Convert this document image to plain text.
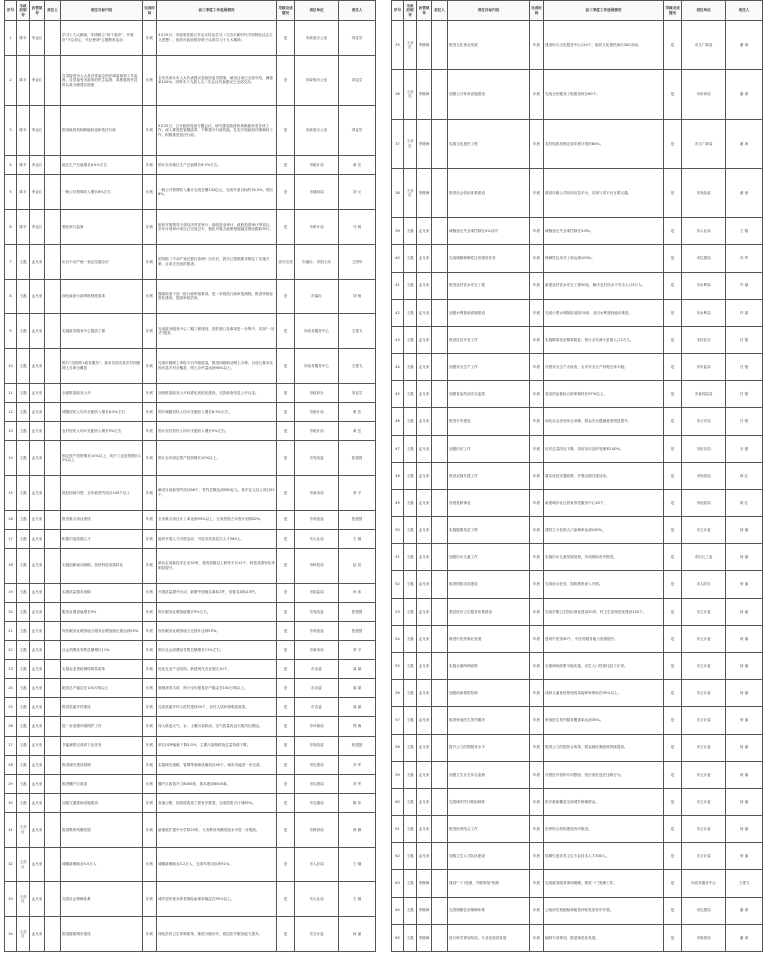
序号	市政府领导	协管领导	责任人	责任目标内容	完成时间	前三季度工作进展情况	考核完成情况	责任单位	责任人
1	陈平	李金江		学习十九大精神，牢固树立"四个意识"，开展好"不忘初心、牢记使命"主题教育活动	年底	3月25日，市政府党组召开会议传达学习《习近平新时代中国特色社会主义思想》，组织市政府领导班子认真学习十九大精神。	是	市政府办公室	刘克学
2	陈平	李金江		自觉接受市人大及其常委会的法律监督和工作监督，自觉接受市政协的民主监督，高度重视并及时认真办理建议提案	年底	全市共承办市人大代表建议及政协委员提案，截至目前已全部办结，满意率100%。同时市十九届人大二次会议代表建议已全部交办。	是	市政府办公室	刘克学
3	陈平	李金江		推进政府机构职能转变和依法行政	年底	5月25日，召开政府党组专题会议，研究推进政府机构职能转变各项工作，深入推进放管服改革，不断提升行政效能。扎实开展政府法律顾问工作，积极推进依法行政。	是	市政府办公室	刘克学
4	陈平	李金江		地区生产总值增长6.5%左右	年底	预计全市地区生产总值增长6.5%左右。	是	市统计局	黄 岳
5	陈平	李金江		一般公共预算收入增长6%左右	年底	一般公共预算收入累计完成总额102亿元，完成年度目标的76.5%，增长6%。	是	市财政局	刘 元
6	陈平	李金江		强化审计监督	年底	组织开展领导干部经济责任审计、财政资金审计、政府投资审计等项目，全年计划审计项目已完成过半，强化对重大政策措施落实情况跟踪审计。	是	市审计局	马 明
7	王磊	孟凡来		出台不动产统一登记实施办法	年底	国务院《不动产登记暂行条例》出台后，我市已按照要求制定了实施方案，目前正在组织推进。	部分完成	市编办、市国土局	王国华
8	王磊	孟凡来		深化政府行政审批制度改革	年底	继续取消下放一批行政审批事项，进一步规范行政审批流程，推进审批标准化建设，提高审批效率。	是	市编办	刘 杨
9	王磊	孟凡来		实施政务服务中心提质工程	年底	完成政务服务中心二期工程建设，进驻窗口及事项进一步集中，实现"一站式"服务。	是	市政务服务中心	王建飞
10	王磊	孟凡来		推行"互联网+政务服务"，基本实现市县乡村四级网上办事全覆盖	年底	完成市级网上审批平台升级改造，推进四级联动网上办事，目前已基本实现市县乡村全覆盖，网上办件量达到90%以上。	是	市政务服务中心	王建飞
11	王磊	孟凡来		全面推进政务公开	年底	加快推进政务公开标准化规范化建设，完善政府信息公开目录。	是	市政府办	刘克学
12	王磊	孟凡来		城镇居民人均可支配收入增长8.5%左右	年底	预计城镇居民人均可支配收入增长8.5%左右。	是	市统计局	黄 岳
13	王磊	孟凡来		农村居民人均可支配收入增长9%左右	年底	预计农村居民人均可支配收入增长9%左右。	是	市统计局	黄 岳
14	王磊	孟凡来		固定资产投资增长10%以上，其中工业投资增长12%以上	年底	预计全年固定资产投资增长10%以上。	是	市发改委	张建国
15	王磊	孟凡来		抓好招商引资，全年新签约项目100个以上	年底	截至目前新签约项目86个，签约总额达到350亿元，其中亿元以上项目52个。	是	市商务局	李 平
16	王磊	孟凡来		推进重点项目建设	年底	全市重点项目开工率达到95%以上，完成投资占年度计划的82%。	是	市发改委	张建国
17	王磊	孟凡来		积极引进高端人才	年底	组织开展人才引进活动，引进各类高层次人才560人。	是	市人社局	王 刚
18	王磊	孟凡来		实施创新驱动战略，加快科技成果转化	年底	新认定高新技术企业32家，建成省级以上研发平台12个，科技成果转化率明显提升。	是	市科技局	赵 亮
19	王磊	孟凡来		实施质量强市战略	年底	开展质量提升行动，新增中国驰名商标2件，省著名商标15件。	是	市质监局	孙 伟
20	王磊	孟凡来		服务业增加值增长9%	年底	预计服务业增加值增长9%左右。	是	市发改委	张建国
21	王磊	孟凡来		现代服务业增加值占服务业增加值比重达到55%	年底	现代服务业增加值占比预计达到55%。	是	市发改委	张建国
22	王磊	孟凡来		社会消费品零售总额增长11%	年底	预计社会消费品零售总额增长11%左右。	是	市商务局	李 平
23	王磊	孟凡来		实施农业供给侧结构性改革	年底	优化农业产业结构，新建现代农业园区10个。	是	市农委	周 斌
24	王磊	孟凡来		粮食总产稳定在100万吨以上	年底	夏粮获得丰收，预计全年粮食总产稳定在100万吨以上。	是	市农委	周 斌
25	王磊	孟凡来		推进美丽乡村建设	年底	完成美丽乡村示范村建设50个，农村人居环境明显改善。	是	市农委	周 斌
26	王磊	孟凡来		进一步加强环境保护工作	年底	深入推进大气、水、土壤污染防治，空气质量优良天数同比增加。	是	市环保局	郑 海
27	王磊	孟凡来		节能减排完成省下达任务	年底	单位GDP能耗下降3.5%，主要污染物排放总量持续下降。	是	市发改委	张建国
28	王磊	孟凡来		推进城市建设管理	年底	实施城市道路、管网等基础设施项目40个，城市功能进一步完善。	是	市住建局	冯 军
29	王磊	孟凡来		推进棚户区改造	年底	棚户区改造开工8000套，基本建成6000套。	是	市住建局	冯 军
30	王磊	孟凡来		加强交通基础设施建设	年底	高速公路、国省道改造工程有序推进，完成投资占计划85%。	是	市交通局	陈 东
31	王彦红	孟凡来		推进教育均衡发展	年底	新建改扩建中小学校20所，义务教育均衡发展水平进一步提高。	是	市教育局	徐 静
32	王彦红	孟凡来		城镇新增就业3.5万人	年底	城镇新增就业3.2万人，完成年度目标的91%。	是	市人社局	王 刚
33	王彦红	孟凡来		完善社会保障体系	年底	城乡居民基本养老保险参保率稳定在95%以上。	是	市人社局	王 刚
34	王彦红	孟凡来		推进健康城市建设	年底	深化医药卫生体制改革，推进分级诊疗，基层医疗服务能力提升。	是	市卫计委	何 丽
序号	市政府领导	协管领导	责任人	责任目标内容	完成时间	前三季度工作进展情况	考核完成情况	责任单位	责任人
35	王彦红	李继海		推进文化事业发展	年底	建成综合文化服务中心120个，组织文化惠民演出300余场。	是	市文广新局	谢 涛
36	王彦红	李继海		加强公共体育设施建设	年底	完成全民健身工程建设项目60个。	是	市体育局	谢 涛
37	王彦红	李继海		实施文化惠民工程	年底	农村电影放映完成年度计划的80%。	是	市文广新局	谢 涛
38	王彦红	李继海		推进社会信用体系建设	年底	建成市级公共信用信息平台，实现与省平台互联互通。	是	市发改委	谢 涛
39	王磊	孟凡来		城镇登记失业率控制在4%以内	年底	城镇登记失业率控制在3.8%。	是	市人社局	王 刚
40	王磊	孟凡来		完成城镇保障性住房建设任务	年底	保障性住房开工率达到100%。	是	市住建局	冯 军
41	王磊	孟凡来		推进农村饮水安全工程	年底	新建农村饮水安全工程30处，解决农村饮水不安全人口5万人。	是	市水利局	许 斌
42	王磊	孟凡来		加强水利基础设施建设	年底	完成小型水库除险加固15座，农田水利建设稳步推进。	是	市水利局	许 斌
43	王磊	孟凡来		推进扶贫开发工作	年底	实施精准扶贫精准脱贫，预计全年减少贫困人口2万人。	是	市扶贫办	吕 强
44	王磊	孟凡来		加强安全生产工作	年底	开展安全生产大检查，全市安全生产形势总体平稳。	是	市安监局	吕 强
45	王磊	孟凡来		加强食品药品安全监管	年底	食品药品抽检合格率保持在97%以上。	是	市食药监局	吕 强
46	王磊	孟凡来		推进平安建设	年底	深化社会治安综合治理，群众安全感满意度明显提升。	是	市公安局	吕 强
47	王磊	孟凡来		加强信访工作	年底	信访总量同比下降，初信初访及时受理率100%。	是	市信访局	吕 强
48	王磊	孟凡来		推进双拥共建工作	年底	落实优抚安置政策，开展双拥共建活动。	是	市民政局	蒋 红
49	王磊	孟凡来		发展老龄事业	年底	新建城乡社区居家养老服务中心30个。	是	市民政局	蒋 红
50	王磊	孟凡来		实施健康扶贫工程	年底	建档立卡贫困人口参保率达到100%。	是	市卫计委	何 丽
51	王磊	孟凡来		加强妇女儿童工作	年底	实施妇女儿童发展规划，各项指标有序推进。	是	市妇儿工委	何 丽
52	王磊	孟凡来		推进国防动员建设	年底	完成征兵任务，国防教育深入开展。	是	市人防办	何 丽
53	王磊	孟凡来		基层医疗卫生服务体系建设	年底	完成乡镇卫生院标准化建设20所，村卫生室规范化建设150个。	是	市卫计委	何 丽
54	王磊	孟凡来		推进中医药事业发展	年底	建成中医馆30个，中医药服务能力显著提升。	是	市卫计委	何 丽
55	王磊	孟凡来		实施全面两孩政策	年底	全面两孩政策平稳实施，出生人口性别比趋于正常。	是	市卫计委	何 丽
56	王磊	孟凡来		加强疾病预防控制	年底	适龄儿童免疫规划疫苗接种率保持在95%以上。	是	市卫计委	何 丽
57	王磊	孟凡来		推进家庭医生签约服务	年底	家庭医生签约服务覆盖率达到35%。	是	市卫计委	何 丽
58	王磊	孟凡来		提升公立医院服务水平	年底	推进公立医院综合改革，群众就医满意度持续提高。	是	市卫计委	何 丽
59	王磊	孟凡来		加强卫生计生综合监督	年底	开展医疗机构专项整治，依法查处违法违规行为。	是	市卫计委	何 丽
60	王磊	孟凡来		完善城乡医疗救助制度	年底	医疗救助覆盖全部城乡困难群众。	是	市卫计委	何 丽
61	王磊	孟凡来		推进医养结合工作	年底	医养结合机构建设有序推进。	是	市卫计委	何 丽
62	王磊	孟凡来		加强卫生人才队伍建设	年底	招聘引进各类卫生专业技术人才300人。	是	市卫计委	何 丽
63	王磊	李继海		建设"一门受理、并联审批"机制	年底	完成政务服务事项梳理，推进一门受理工作。	是	市政务服务中心	王建飞
64	王磊	李继海		完善城镇住房保障体系	年底	公租房实物配租和租赁补贴发放有序开展。	是	市住建局	谢 涛
65	王磊	李继海		进行科学规划布局，专业化规范发展	年底	编制专项规划，推进规范化发展。	是	市规划局	谢 涛
